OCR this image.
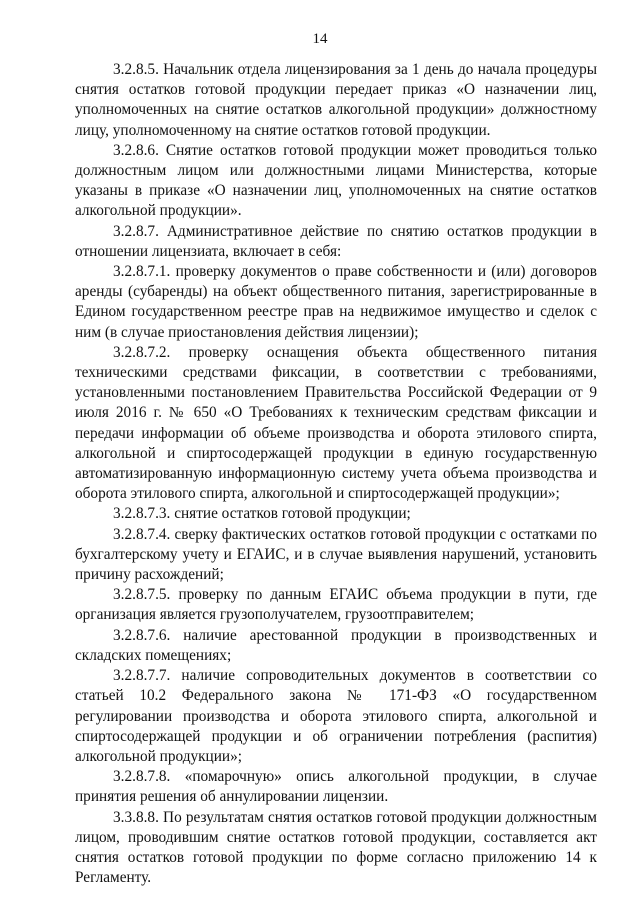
14

3.2.8.5. Начальник отдела лицензирования за 1 день до начала процедуры снятия остатков готовой продукции передает приказ «О назначении лиц, уполномоченных на снятие остатков алкогольной продукции» должностному лицу, уполномоченному на снятие остатков готовой продукции.

3.2.8.6. Снятие остатков готовой продукции может проводиться только должностным лицом или должностными лицами Министерства, которые указаны в приказе «О назначении лиц, уполномоченных на снятие остатков алкогольной продукции».

3.2.8.7. Административное действие по снятию остатков продукции в отношении лицензиата, включает в себя:

3.2.8.7.1. проверку документов о праве собственности и (или) договоров аренды (субаренды) на объект общественного питания, зарегистрированные в Едином государственном реестре прав на недвижимое имущество и сделок с ним (в случае приостановления действия лицензии);

3.2.8.7.2. проверку оснащения объекта общественного питания техническими средствами фиксации, в соответствии с требованиями, установленными постановлением Правительства Российской Федерации от 9 июля 2016 г. № 650 «О Требованиях к техническим средствам фиксации и передачи информации об объеме производства и оборота этилового спирта, алкогольной и спиртосодержащей продукции в единую государственную автоматизированную информационную систему учета объема производства и оборота этилового спирта, алкогольной и спиртосодержащей продукции»;

3.2.8.7.3. снятие остатков готовой продукции;

3.2.8.7.4. сверку фактических остатков готовой продукции с остатками по бухгалтерскому учету и ЕГАИС, и в случае выявления нарушений, установить причину расхождений;

3.2.8.7.5. проверку по данным ЕГАИС объема продукции в пути, где организация является грузополучателем, грузоотправителем;

3.2.8.7.6. наличие арестованной продукции в производственных и складских помещениях;

3.2.8.7.7. наличие сопроводительных документов в соответствии со статьей 10.2 Федерального закона № 171-ФЗ «О государственном регулировании производства и оборота этилового спирта, алкогольной и спиртосодержащей продукции и об ограничении потребления (распития) алкогольной продукции»;

3.2.8.7.8. «помарочную» опись алкогольной продукции, в случае принятия решения об аннулировании лицензии.

3.3.8.8. По результатам снятия остатков готовой продукции должностным лицом, проводившим снятие остатков готовой продукции, составляется акт снятия остатков готовой продукции по форме согласно приложению 14 к Регламенту.
